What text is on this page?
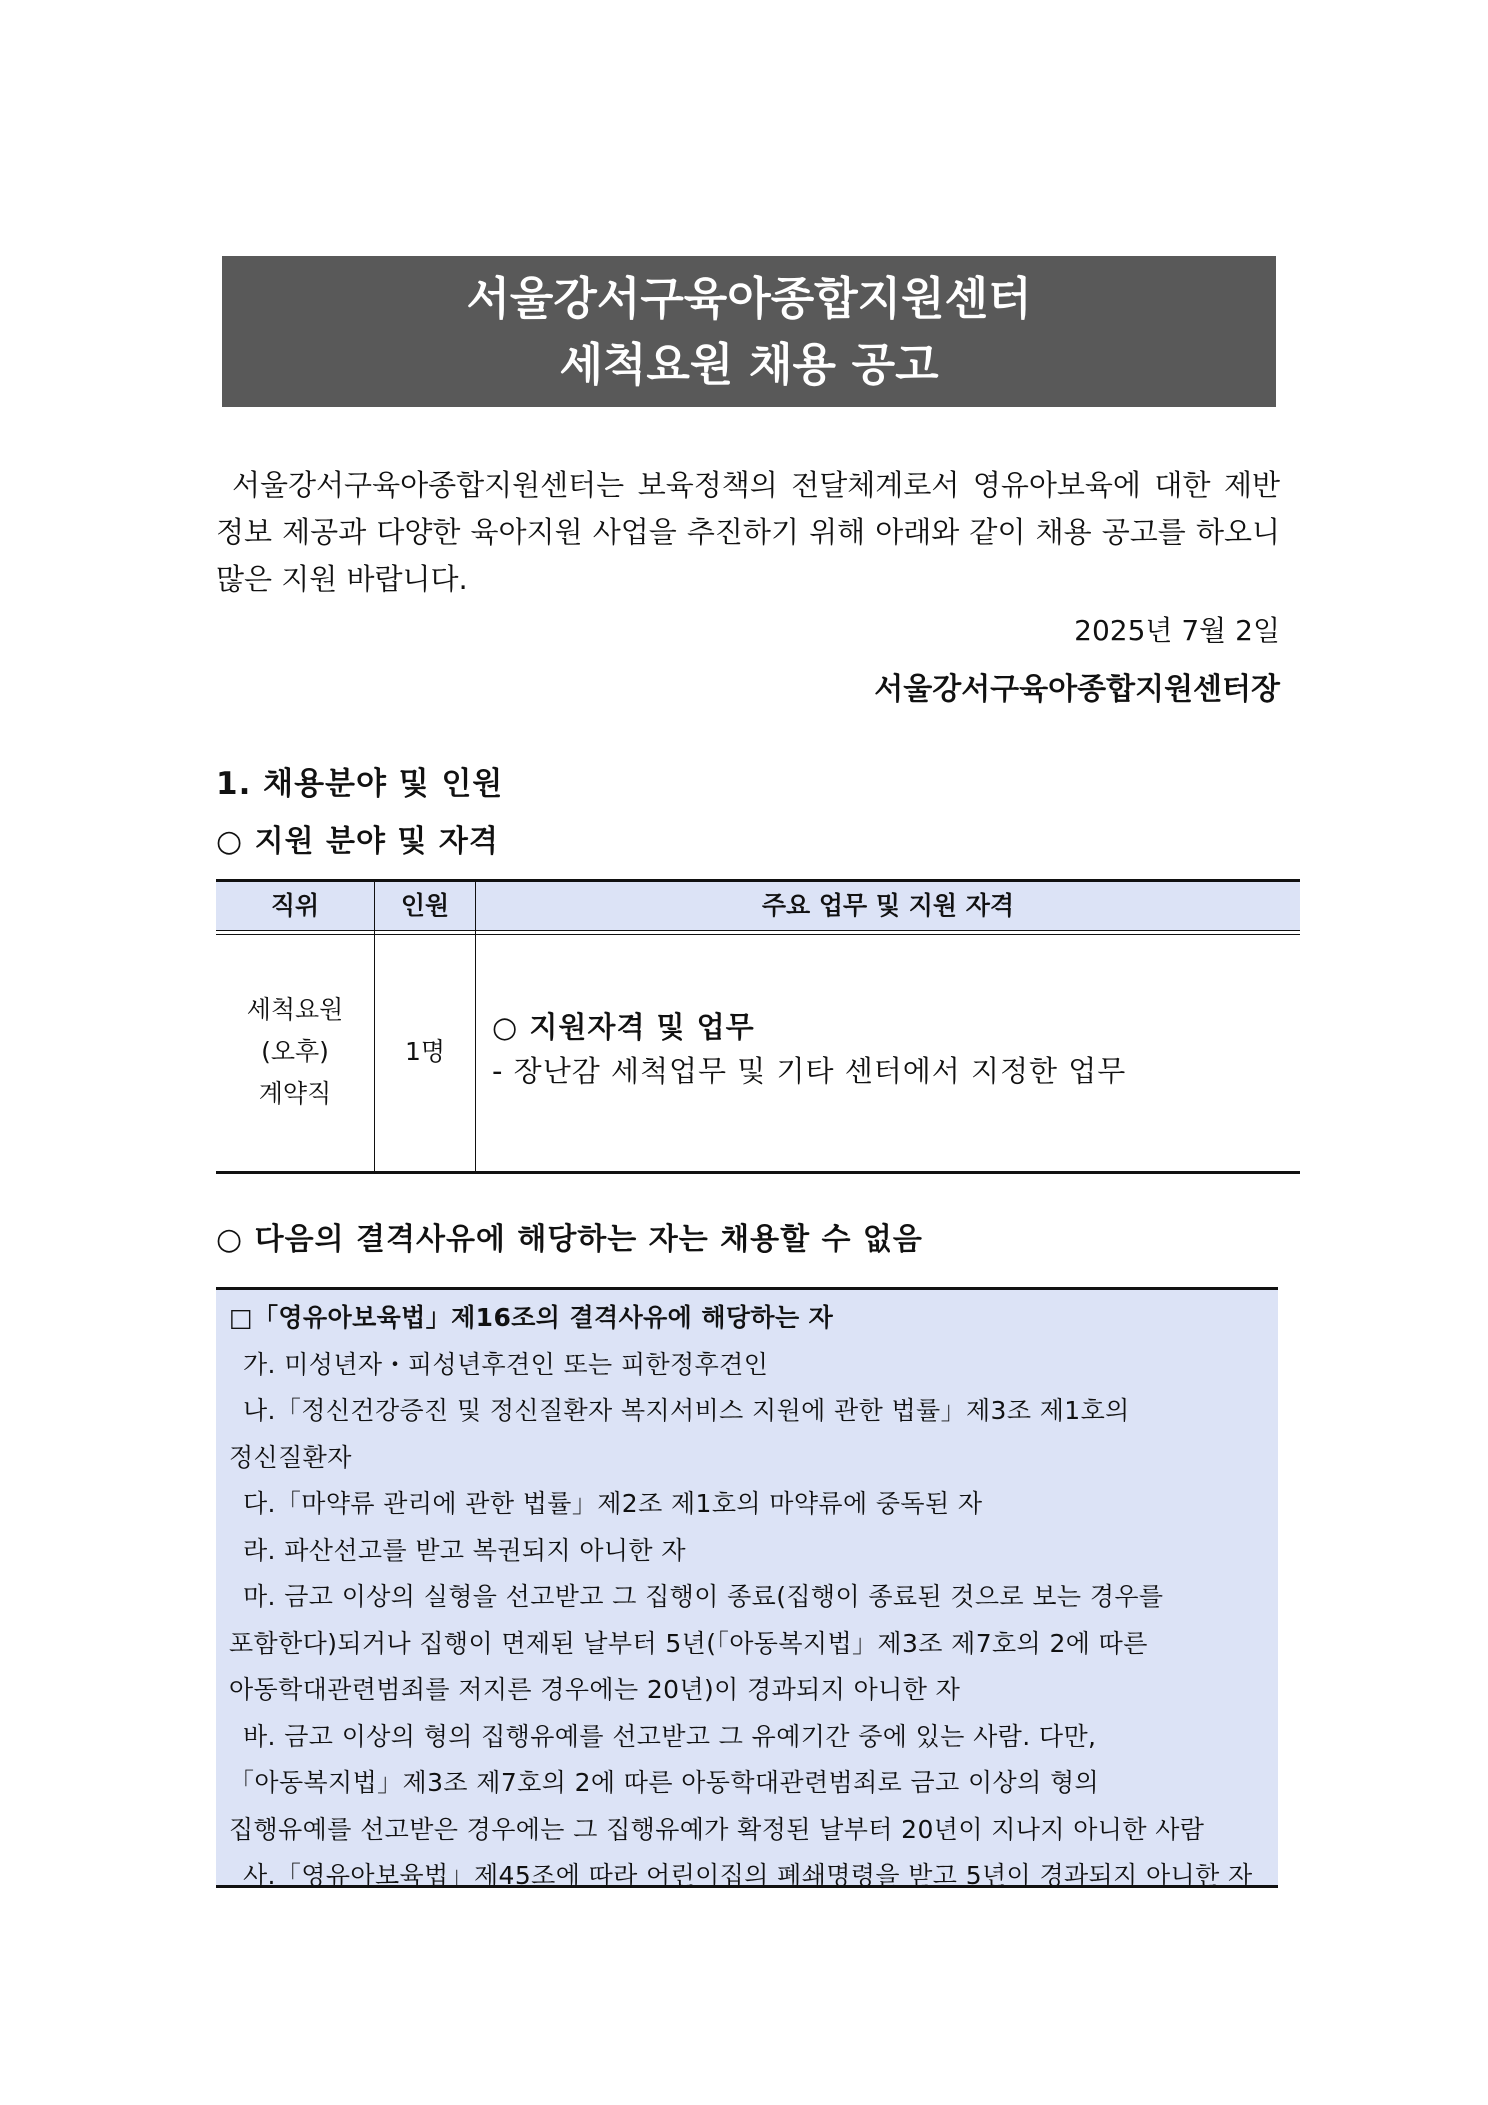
서울강서구육아종합지원센터
세척요원 채용 공고

서울강서구육아종합지원센터는 보육정책의 전달체계로서 영유아보육에 대한 제반 정보 제공과 다양한 육아지원 사업을 추진하기 위해 아래와 같이 채용 공고를 하오니 많은 지원 바랍니다.

2025년 7월 2일
서울강서구육아종합지원센터장
1. 채용분야 및 인원
○ 지원 분야 및 자격
직위	인원	주요 업무 및 지원 자격
세척요원
(오후)
계약직
1명
○ 지원자격 및 업무
- 장난감 세척업무 및 기타 센터에서 지정한 업무
○ 다음의 결격사유에 해당하는 자는 채용할 수 없음
□「영유아보육법」제16조의 결격사유에 해당하는 자
가. 미성년자・피성년후견인 또는 피한정후견인
나.「정신건강증진 및 정신질환자 복지서비스 지원에 관한 법률」제3조 제1호의
정신질환자
다.「마약류 관리에 관한 법률」제2조 제1호의 마약류에 중독된 자
라. 파산선고를 받고 복권되지 아니한 자
마. 금고 이상의 실형을 선고받고 그 집행이 종료(집행이 종료된 것으로 보는 경우를
포함한다)되거나 집행이 면제된 날부터 5년(「아동복지법」제3조 제7호의 2에 따른
아동학대관련범죄를 저지른 경우에는 20년)이 경과되지 아니한 자
바. 금고 이상의 형의 집행유예를 선고받고 그 유예기간 중에 있는 사람. 다만,
「아동복지법」제3조 제7호의 2에 따른 아동학대관련범죄로 금고 이상의 형의
집행유예를 선고받은 경우에는 그 집행유예가 확정된 날부터 20년이 지나지 아니한 사람
사.「영유아보육법」제45조에 따라 어린이집의 폐쇄명령을 받고 5년이 경과되지 아니한 자
